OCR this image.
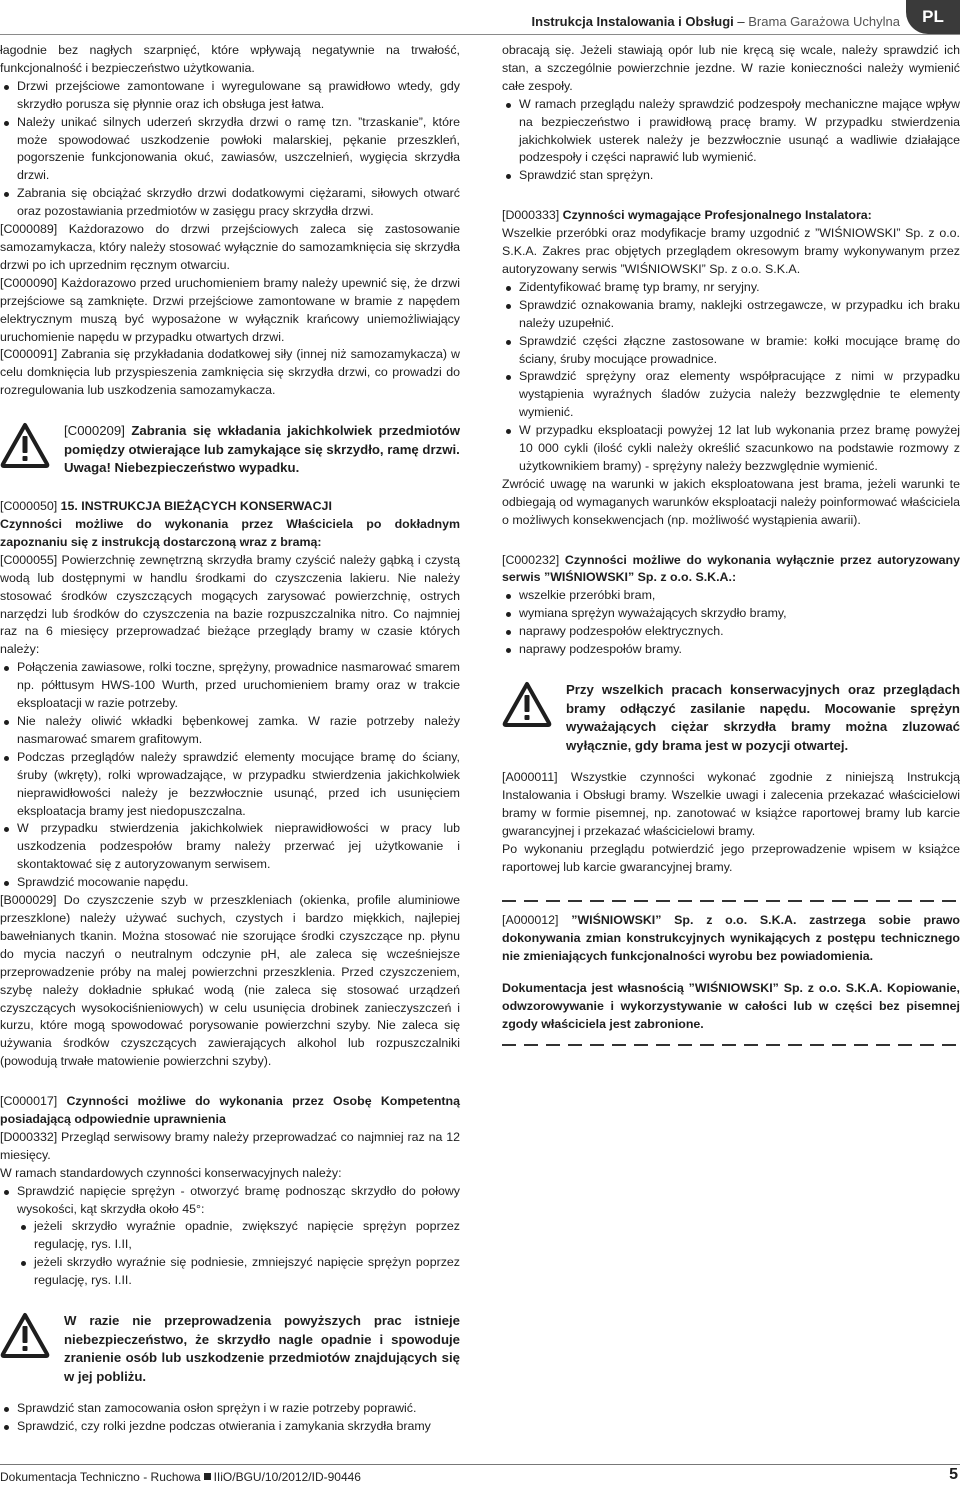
Instrukcja Instalowania i Obsługi – Brama Garażowa Uchylna PL

łagodnie bez nagłych szarpnięć, które wpływają negatywnie na trwałość, funkcjonalność i bezpieczeństwo użytkowania.

Drzwi przejściowe zamontowane i wyregulowane są prawidłowo wtedy, gdy skrzydło porusza się płynnie oraz ich obsługa jest łatwa.
Należy unikać silnych uderzeń skrzydła drzwi o ramę tzn. ”trzaskanie”, które może spowodować uszkodzenie powłoki malarskiej, pękanie przeszkleń, pogorszenie funkcjonowania okuć, zawiasów, uszczelnień, wygięcia skrzydła drzwi.
Zabrania się obciążać skrzydło drzwi dodatkowymi ciężarami, siłowych otwarć oraz pozostawiania przedmiotów w zasięgu pracy skrzydła drzwi.

[C000089] Każdorazowo do drzwi przejściowych zaleca się zastosowanie samozamykacza, który należy stosować wyłącznie do samozamknięcia się skrzydła drzwi po ich uprzednim ręcznym otwarciu.

[C000090] Każdorazowo przed uruchomieniem bramy należy upewnić się, że drzwi przejściowe są zamknięte. Drzwi przejściowe zamontowane w bramie z napędem elektrycznym muszą być wyposażone w wyłącznik krańcowy uniemożliwiający uruchomienie napędu w przypadku otwartych drzwi.

[C000091] Zabrania się przykładania dodatkowej siły (innej niż samozamykacza) w celu domknięcia lub przyspieszenia zamknięcia się skrzydła drzwi, co prowadzi do rozregulowania lub uszkodzenia samozamykacza.

[C000209] Zabrania się wkładania jakichkolwiek przedmiotów pomiędzy otwierające lub zamykające się skrzydło, ramę drzwi.
Uwaga! Niebezpieczeństwo wypadku.

[C000050] 15. INSTRUKCJA BIEŻĄCYCH KONSERWACJI

Czynności możliwe do wykonania przez Właściciela po dokładnym zapoznaniu się z instrukcją dostarczoną wraz z bramą:

[C000055] Powierzchnię zewnętrzną skrzydła bramy czyścić należy gąbką i czystą wodą lub dostępnymi w handlu środkami do czyszczenia lakieru. Nie należy stosować środków czyszczących mogących zarysować powierzchnię, ostrych narzędzi lub środków do czyszczenia na bazie rozpuszczalnika nitro. Co najmniej raz na 6 miesięcy przeprowadzać bieżące przeglądy bramy w czasie których należy:

Połączenia zawiasowe, rolki toczne, sprężyny, prowadnice nasmarować smarem np. półttusym HWS-100 Wurth, przed uruchomieniem bramy oraz w trakcie eksploatacji w razie potrzeby.
Nie należy oliwić wkładki bębenkowej zamka. W razie potrzeby należy nasmarować smarem grafitowym.
Podczas przeglądów należy sprawdzić elementy mocujące bramę do ściany, śruby (wkręty), rolki wprowadzające, w przypadku stwierdzenia jakichkolwiek nieprawidłowości należy je bezzwłocznie usunąć, przed ich usunięciem eksploatacja bramy jest niedopuszczalna.
W przypadku stwierdzenia jakichkolwiek nieprawidłowości w pracy lub uszkodzenia podzespołów bramy należy przerwać jej użytkowanie i skontaktować się z autoryzowanym serwisem.
Sprawdzić mocowanie napędu.

[B000029] Do czyszczenie szyb w przeszkleniach (okienka, profile aluminiowe przeszklone) należy używać suchych, czystych i bardzo miękkich, najlepiej bawełnianych tkanin. Można stosować nie szorujące środki czyszczące np. płynu do mycia naczyń o neutralnym odczynie pH, ale zaleca się wcześniejsze przeprowadzenie próby na malej powierzchni przeszklenia. Przed czyszczeniem, szybę należy dokładnie spłukać wodą (nie zaleca się stosować urządzeń czyszczących wysokociśnieniowych) w celu usunięcia drobinek zanieczyszczeń i kurzu, które mogą spowodować porysowanie powierzchni szyby. Nie zaleca się używania środków czyszczących zawierających alkohol lub rozpuszczalniki (powodują trwałe matowienie powierzchni szyby).

[C000017] Czynności możliwe do wykonania przez Osobę Kompetentną posiadającą odpowiednie uprawnienia

[D000332] Przegląd serwisowy bramy należy przeprowadzać co najmniej raz na 12 miesięcy.

W ramach standardowych czynności konserwacyjnych należy:

Sprawdzić napięcie sprężyn - otworzyć bramę podnosząc skrzydło do połowy wysokości, kąt skrzydła około 45°:
jeżeli skrzydło wyraźnie opadnie, zwiększyć napięcie sprężyn poprzez regulację, rys. I.II,
jeżeli skrzydło wyraźnie się podniesie, zmniejszyć napięcie sprężyn poprzez regulację, rys. I.II.
W razie nie przeprowadzenia powyższych prac istnieje niebezpieczeństwo, że skrzydło nagle opadnie i spowoduje zranienie osób lub uszkodzenie przedmiotów znajdujących się w jej pobliżu.
Sprawdzić stan zamocowania osłon sprężyn i w razie potrzeby poprawić.
Sprawdzić, czy rolki jezdne podczas otwierania i zamykania skrzydła bramy

obracają się. Jeżeli stawiają opór lub nie kręcą się wcale, należy sprawdzić ich stan, a szczególnie powierzchnie jezdne. W razie konieczności należy wymienić całe zespoły.

W ramach przeglądu należy sprawdzić podzespoły mechaniczne mające wpływ na bezpieczeństwo i prawidłową pracę bramy. W przypadku stwierdzenia jakichkolwiek usterek należy je bezzwłocznie usunąć a wadliwie działające podzespoły i części naprawić lub wymienić.
Sprawdzić stan sprężyn.

[D000333] Czynności wymagające Profesjonalnego Instalatora:

Wszelkie przeróbki oraz modyfikacje bramy uzgodnić z ”WIŚNIOWSKI” Sp. z o.o. S.K.A. Zakres prac objętych przeglądem okresowym bramy wykonywanym przez autoryzowany serwis ”WIŚNIOWSKI” Sp. z o.o. S.K.A.

Zidentyfikować bramę typ bramy, nr seryjny.
Sprawdzić oznakowania bramy, naklejki ostrzegawcze, w przypadku ich braku należy uzupełnić.
Sprawdzić części złączne zastosowane w bramie: kołki mocujące bramę do ściany, śruby mocujące prowadnice.
Sprawdzić sprężyny oraz elementy współpracujące z nimi w przypadku wystąpienia wyraźnych śladów zużycia należy bezzwględnie te elementy wymienić.
W przypadku eksploatacji powyżej 12 lat lub wykonania przez bramę powyżej 10 000 cykli (ilość cykli należy określić szacunkowo na podstawie rozmowy z użytkownikiem bramy) - sprężyny należy bezzwględnie wymienić.

Zwrócić uwagę na warunki w jakich eksploatowana jest brama, jeżeli warunki te odbiegają od wymaganych warunków eksploatacji należy poinformować właściciela o możliwych konsekwencjach (np. możliwość wystąpienia awarii).

[C000232] Czynności możliwe do wykonania wyłącznie przez autoryzowany serwis ”WIŚNIOWSKI” Sp. z o.o. S.K.A.:

wszelkie przeróbki bram,
wymiana sprężyn wyważających skrzydło bramy,
naprawy podzespołów elektrycznych.
naprawy podzespołów bramy.
Przy wszelkich pracach konserwacyjnych oraz przeglądach bramy odłączyć zasilanie napędu. Mocowanie sprężyn wyważających ciężar skrzydła bramy można zluzować wyłącznie, gdy brama jest w pozycji otwartej.

[A000011] Wszystkie czynności wykonać zgodnie z niniejszą Instrukcją Instalowania i Obsługi bramy. Wszelkie uwagi i zalecenia przekazać właścicielowi bramy w formie pisemnej, np. zanotować w książce raportowej bramy lub karcie gwarancyjnej i przekazać właścicielowi bramy.

Po wykonaniu przeglądu potwierdzić jego przeprowadzenie wpisem w książce raportowej lub karcie gwarancyjnej bramy.

[A000012] ”WIŚNIOWSKI” Sp. z o.o. S.K.A. zastrzega sobie prawo dokonywania zmian konstrukcyjnych wynikających z postępu technicznego nie zmieniających funkcjonalności wyrobu bez powiadomienia.

Dokumentacja jest własnością ”WIŚNIOWSKI” Sp. z o.o. S.K.A. Kopiowanie, odwzorowywanie i wykorzystywanie w całości lub w części bez pisemnej zgody właściciela jest zabronione.

Dokumentacja Techniczno - Ruchowa IIiO/BGU/10/2012/ID-90446	5
